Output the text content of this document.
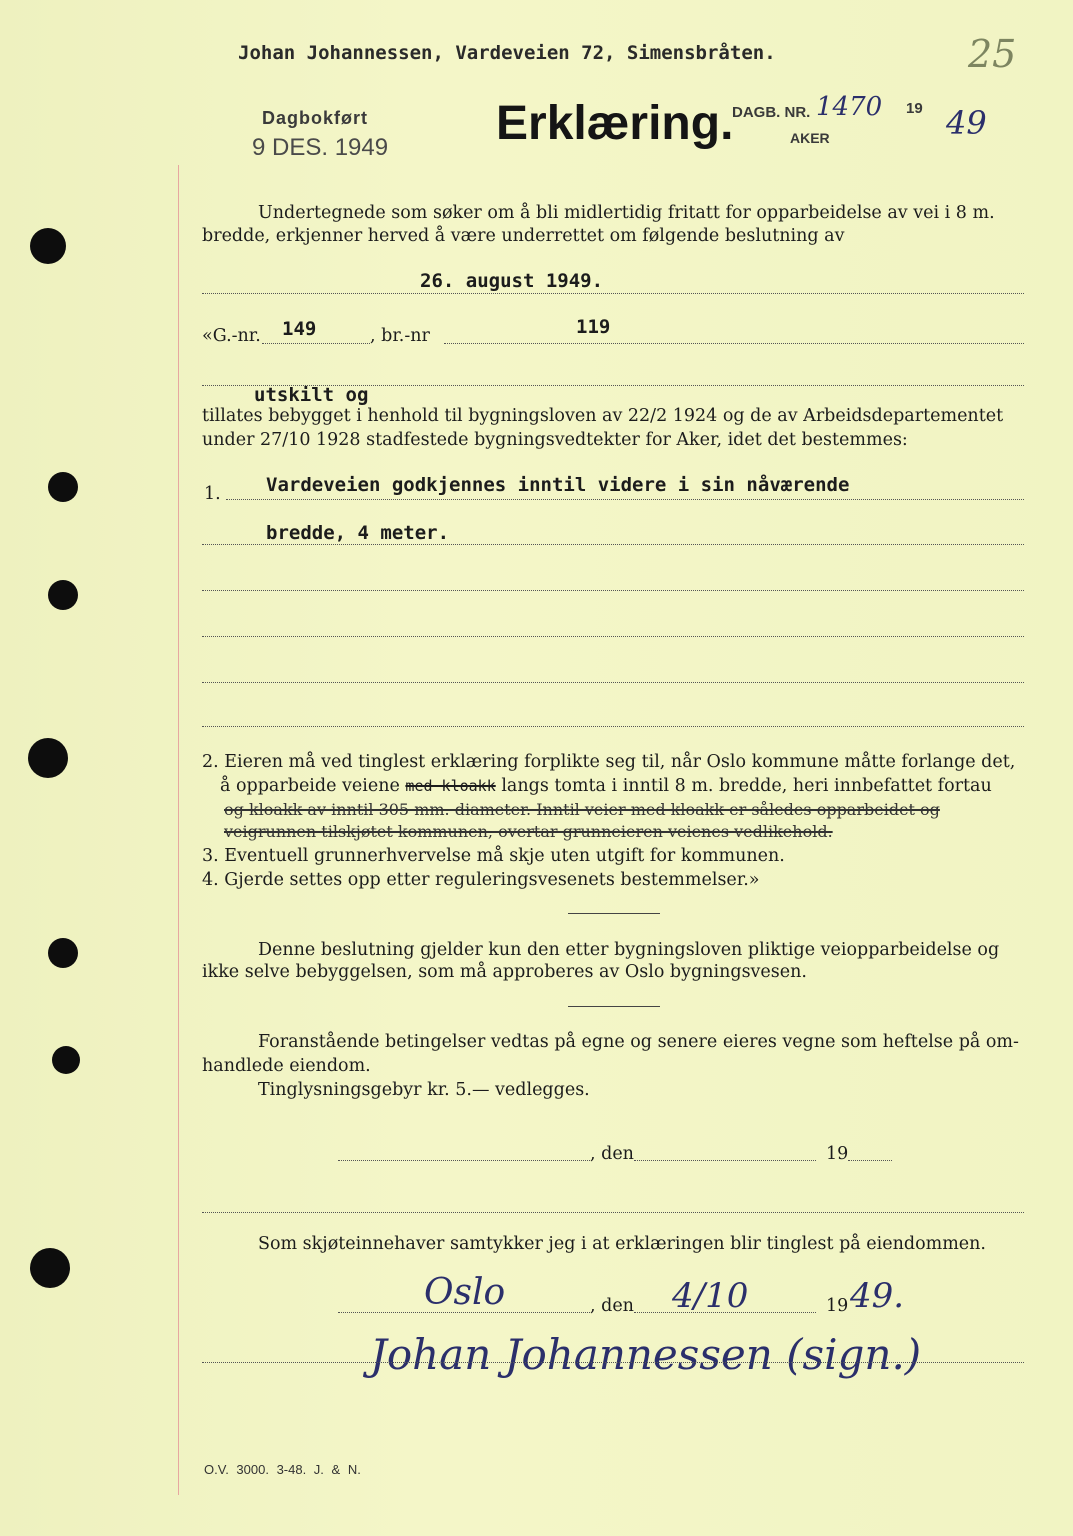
Johan Johannessen, Vardeveien 72, Simensbråten.	25
Dagbokført
9 DES. 1949 Erklæring.
DAGB. NR. 1470
AKER
19 49
Undertegnede som søker om å bli midlertidig fritatt for opparbeidelse av vei i 8 m.
bredde, erkjenner herved å være underrettet om følgende beslutning av
26. august 1949.
«G.-nr. 149	, br.-nr	119
utskilt og
tillates bebygget i henhold til bygningsloven av 22/2 1924 og de av Arbeidsdepartementet
under 27/10 1928 stadfestede bygningsvedtekter for Aker, idet det bestemmes:
1. Vardeveien godkjennes inntil videre i sin nåværende
bredde, 4 meter.
2. Eieren må ved tinglest erklæring forplikte seg til, når Oslo kommune måtte forlange det,
å opparbeide veiene med kloakk langs tomta i inntil 8 m. bredde, heri innbefattet fortau
og kloakk av inntil 305 mm. diameter. Inntil veier med kloakk er således opparbeidet og
veigrunnen tilskjøtet kommunen, overtar grunneieren veienes vedlikehold.
3. Eventuell grunnerhvervelse må skje uten utgift for kommunen.
4. Gjerde settes opp etter reguleringsvesenets bestemmelser.»
Denne beslutning gjelder kun den etter bygningsloven pliktige veiopparbeidelse og
ikke selve bebyggelsen, som må approberes av Oslo bygningsvesen.
Foranstående betingelser vedtas på egne og senere eieres vegne som heftelse på om-
handlede eiendom.
Tinglysningsgebyr kr. 5.— vedlegges.
, den	19
Som skjøteinnehaver samtykker jeg i at erklæringen blir tinglest på eiendommen.
Oslo	, den 4/10	19 49.
Johan Johannessen (sign.)
O.V. 3000. 3-48. J. & N.
